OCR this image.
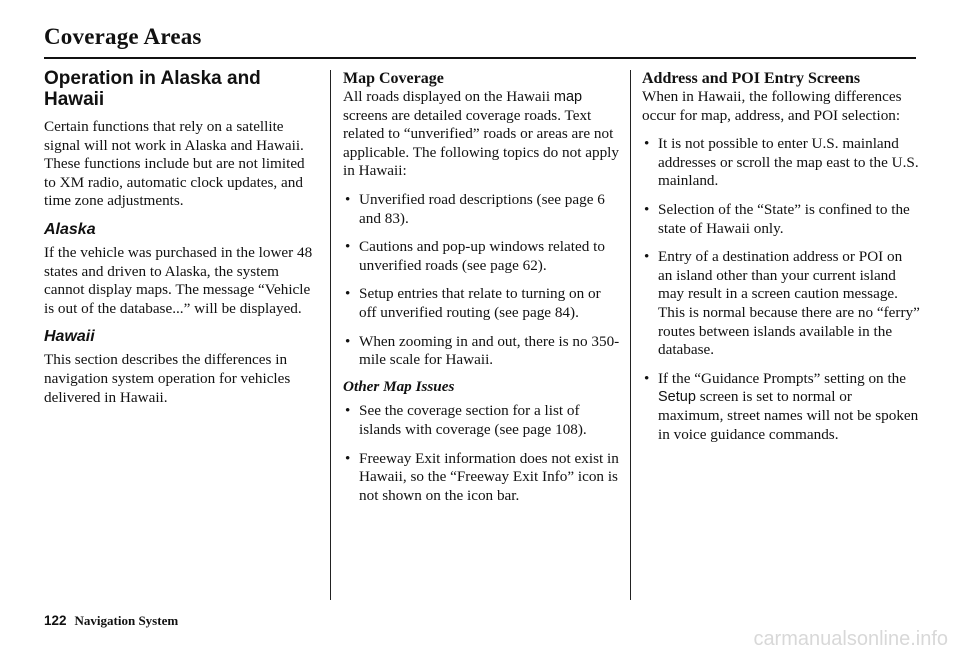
Coverage Areas
Operation in Alaska and Hawaii

Certain functions that rely on a satellite signal will not work in Alaska and Hawaii. These functions include but are not limited to XM radio, automatic clock updates, and time zone adjustments.

Alaska

If the vehicle was purchased in the lower 48 states and driven to Alaska, the system cannot display maps. The message “Vehicle is out of the database...” will be displayed.

Hawaii

This section describes the differences in navigation system operation for vehicles delivered in Hawaii.

Map Coverage

All roads displayed on the Hawaii map screens are detailed coverage roads. Text related to “unverified” roads or areas are not applicable. The following topics do not apply in Hawaii:

• Unverified road descriptions (see page 6 and 83).
• Cautions and pop-up windows related to unverified roads (see page 62).
• Setup entries that relate to turning on or off unverified routing (see page 84).
• When zooming in and out, there is no 350-mile scale for Hawaii.
Other Map Issues
• See the coverage section for a list of islands with coverage (see page 108).
• Freeway Exit information does not exist in Hawaii, so the “Freeway Exit Info” icon is not shown on the icon bar.
Address and POI Entry Screens

When in Hawaii, the following differences occur for map, address, and POI selection:

• It is not possible to enter U.S. mainland addresses or scroll the map east to the U.S. mainland.
• Selection of the “State” is confined to the state of Hawaii only.
• Entry of a destination address or POI on an island other than your current island may result in a screen caution message. This is normal because there are no “ferry” routes between islands available in the database.
• If the “Guidance Prompts” setting on the Setup screen is set to normal or maximum, street names will not be spoken in voice guidance commands.
122 Navigation System
carmanualsonline.info
